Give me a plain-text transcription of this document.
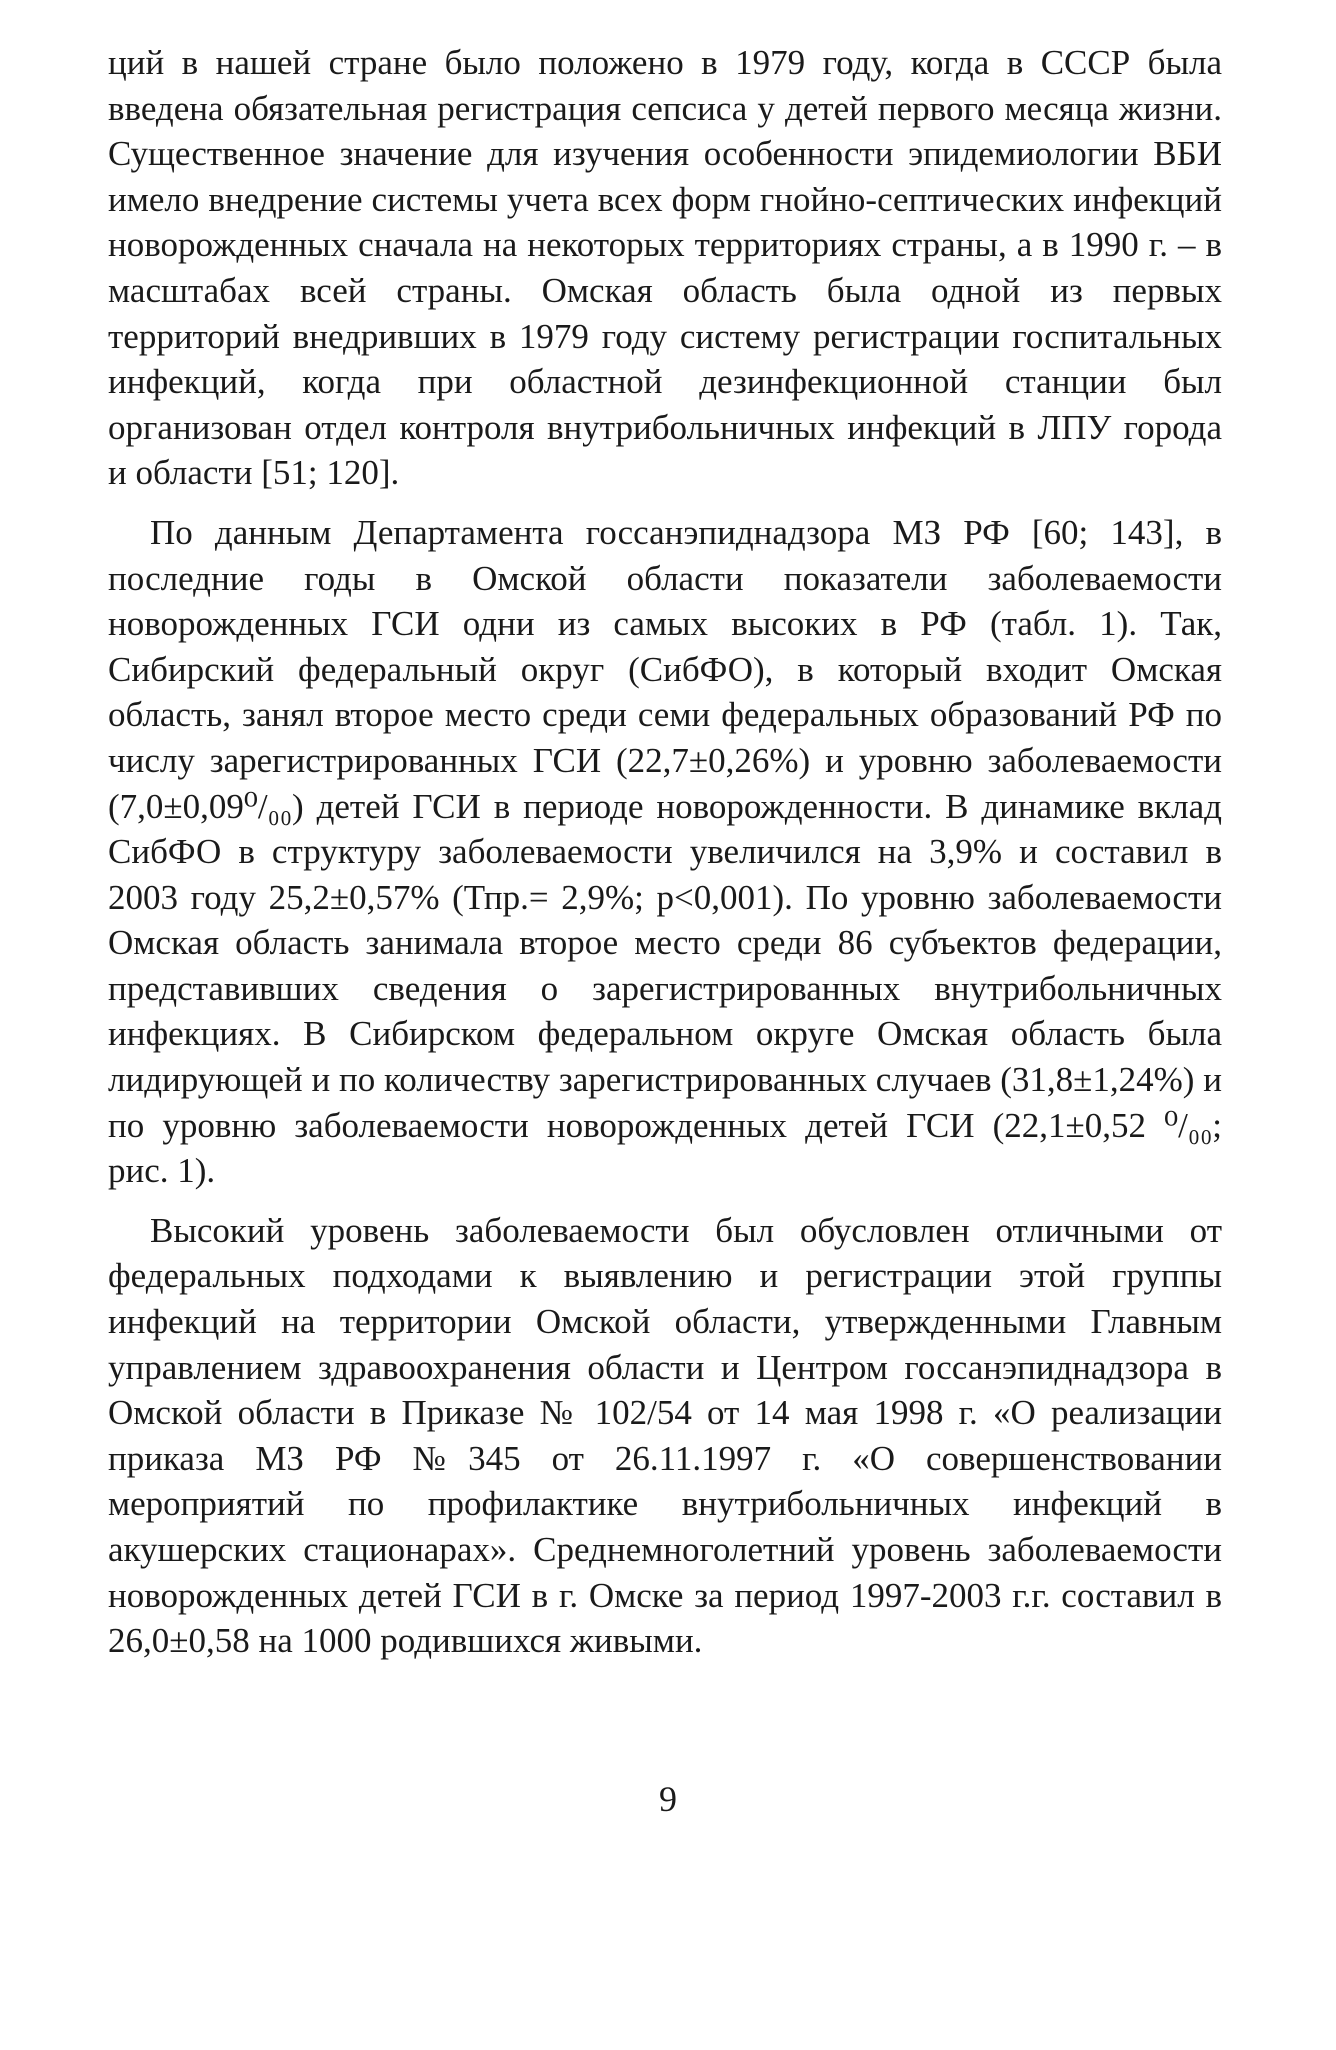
ций в нашей стране было положено в 1979 году, когда в СССР была введена обязательная регистрация сепсиса у детей первого месяца жизни. Существенное значение для изучения особенности эпидемиологии ВБИ имело внедрение системы учета всех форм гнойно-септических инфекций новорожденных сначала на некоторых территориях страны, а в 1990 г. – в масштабах всей страны. Омская область была одной из первых территорий внедривших в 1979 году систему регистрации госпитальных инфекций, когда при областной дезинфекционной станции был организован отдел контроля внутрибольничных инфекций в ЛПУ города и области [51; 120].

По данным Департамента госсанэпиднадзора МЗ РФ [60; 143], в последние годы в Омской области показатели заболеваемости новорожденных ГСИ одни из самых высоких в РФ (табл. 1). Так, Сибирский федеральный округ (СибФО), в который входит Омская область, занял второе место среди семи федеральных образований РФ по числу зарегистрированных ГСИ (22,7±0,26%) и уровню заболеваемости (7,0±0,09⁰/₀₀) детей ГСИ в периоде новорожденности. В динамике вклад СибФО в структуру заболеваемости увеличился на 3,9% и составил в 2003 году 25,2±0,57% (Тпр.= 2,9%; р<0,001). По уровню заболеваемости Омская область занимала второе место среди 86 субъектов федерации, представивших сведения о зарегистрированных внутрибольничных инфекциях. В Сибирском федеральном округе Омская область была лидирующей и по количеству зарегистрированных случаев (31,8±1,24%) и по уровню заболеваемости новорожденных детей ГСИ (22,1±0,52 ⁰/₀₀; рис. 1).

Высокий уровень заболеваемости был обусловлен отличными от федеральных подходами к выявлению и регистрации этой группы инфекций на территории Омской области, утвержденными Главным управлением здравоохранения области и Центром госсанэпиднадзора в Омской области в Приказе № 102/54 от 14 мая 1998 г. «О реализации приказа МЗ РФ №345 от 26.11.1997 г. «О совершенствовании мероприятий по профилактике внутрибольничных инфекций в акушерских стационарах». Среднемноголетний уровень заболеваемости новорожденных детей ГСИ в г. Омске за период 1997-2003 г.г. составил в 26,0±0,58 на 1000 родившихся живыми.

9
